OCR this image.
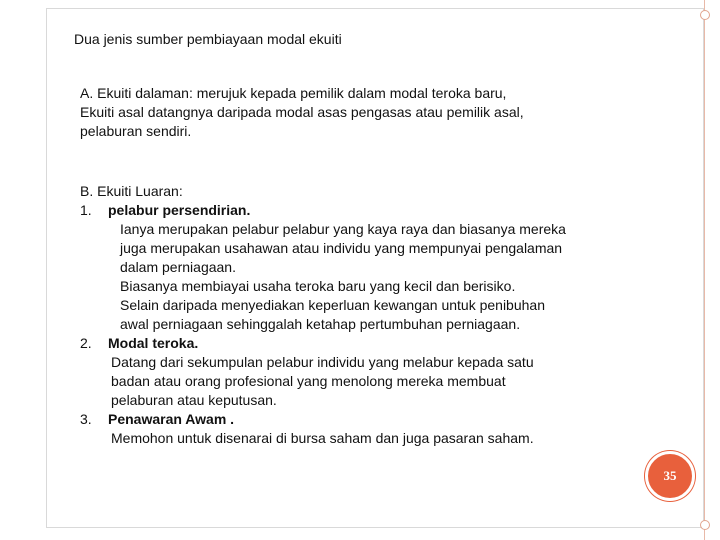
Dua jenis sumber pembiayaan modal ekuiti
A. Ekuiti dalaman: merujuk kepada pemilik dalam modal teroka baru,
Ekuiti asal datangnya daripada modal asas pengasas atau pemilik asal,
pelaburan sendiri.
B. Ekuiti Luaran:
1. pelabur persendirian.
Ianya merupakan pelabur pelabur yang kaya raya dan biasanya mereka
juga merupakan usahawan atau individu yang mempunyai pengalaman
dalam perniagaan.
Biasanya membiayai usaha teroka baru yang kecil dan berisiko.
Selain daripada menyediakan keperluan kewangan untuk penibuhan
awal perniagaan sehinggalah ketahap pertumbuhan perniagaan.
2. Modal teroka.
Datang dari sekumpulan pelabur individu yang melabur kepada satu
badan atau orang profesional yang menolong mereka membuat
pelaburan atau keputusan.
3. Penawaran Awam .
Memohon untuk disenarai di bursa saham dan juga pasaran saham.
35
